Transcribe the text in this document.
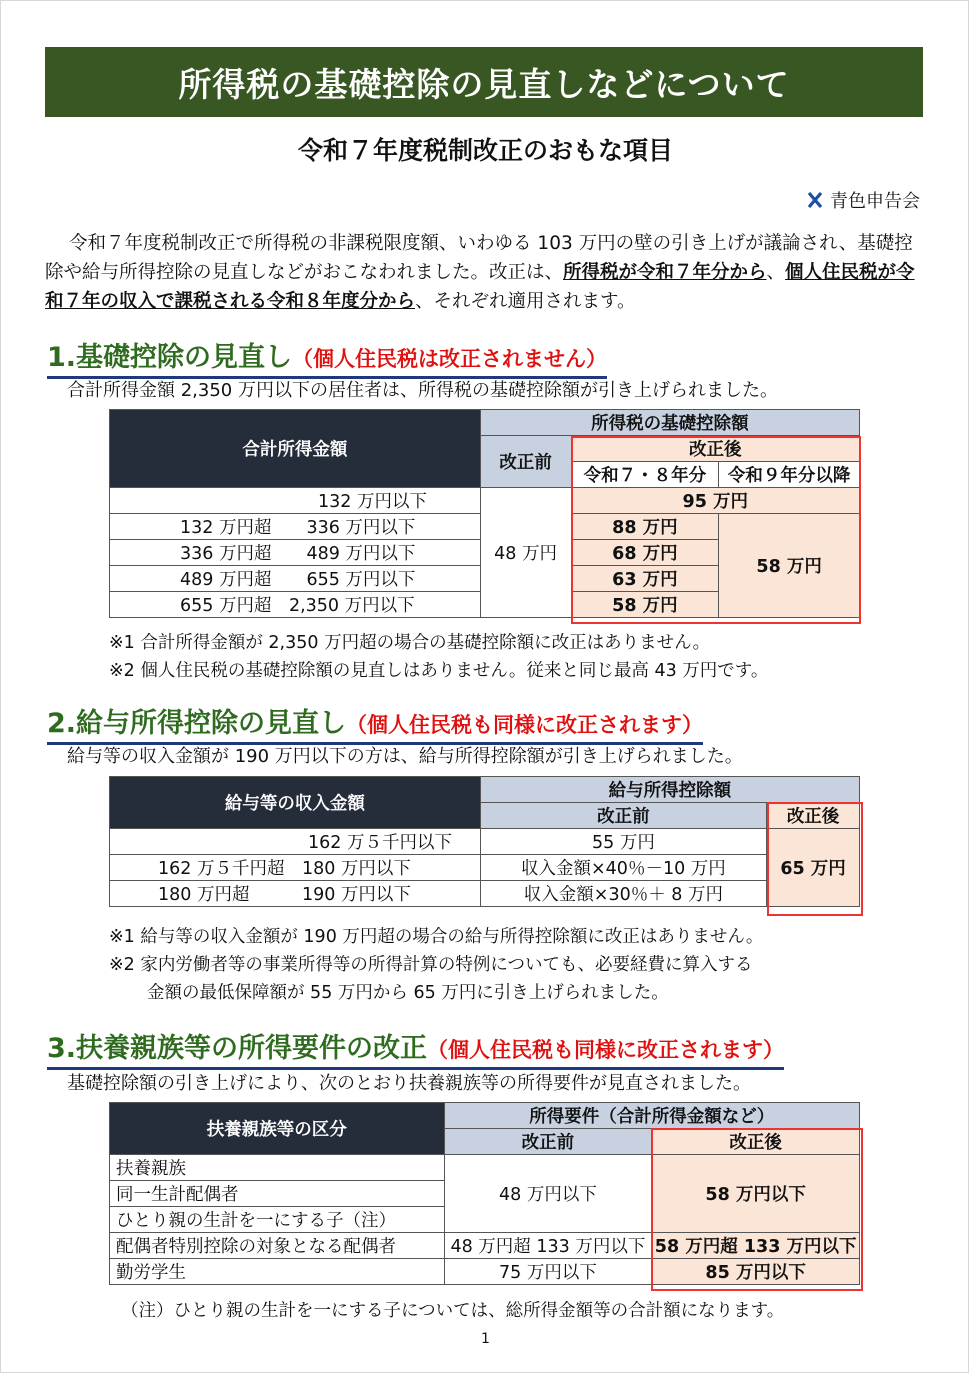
所得税の基礎控除の見直しなどについて
令和７年度税制改正のおもな項目
青色申告会
令和７年度税制改正で所得税の非課税限度額、いわゆる 103 万円の壁の引き上げが議論され、基礎控除や給与所得控除の見直しなどがおこなわれました。改正は、所得税が令和７年分から、個人住民税が令和７年の収入で課税される令和８年度分から、それぞれ適用されます。
1.基礎控除の見直し（個人住民税は改正されません）
合計所得金額 2,350 万円以下の居住者は、所得税の基礎控除額が引き上げられました。
合計所得金額	所得税の基礎控除額		
	改正前	改正後	
		令和７・８年分	令和９年分以降
132 万円以下	48 万円	95 万円	
132 万円超　　336 万円以下		88 万円	58 万円
336 万円超　　489 万円以下		68 万円	
489 万円超　　655 万円以下		63 万円	
655 万円超　2,350 万円以下		58 万円	
※1 合計所得金額が 2,350 万円超の場合の基礎控除額に改正はありません。
※2 個人住民税の基礎控除額の見直しはありません。従来と同じ最高 43 万円です。
2.給与所得控除の見直し（個人住民税も同様に改正されます）
給与等の収入金額が 190 万円以下の方は、給与所得控除額が引き上げられました。
給与等の収入金額	給与所得控除額	
	改正前	改正後
162 万５千円以下	55 万円	65 万円
162 万５千円超　180 万円以下	収入金額×40％－10 万円	
180 万円超　　　190 万円以下	収入金額×30％＋ 8 万円	
※1 給与等の収入金額が 190 万円超の場合の給与所得控除額に改正はありません。
※2 家内労働者等の事業所得等の所得計算の特例についても、必要経費に算入する
金額の最低保障額が 55 万円から 65 万円に引き上げられました。
3.扶養親族等の所得要件の改正（個人住民税も同様に改正されます）
基礎控除額の引き上げにより、次のとおり扶養親族等の所得要件が見直されました。
扶養親族等の区分	所得要件（合計所得金額など）	
	改正前	改正後
扶養親族	48 万円以下	58 万円以下
同一生計配偶者		
ひとり親の生計を一にする子（注）		
配偶者特別控除の対象となる配偶者	48 万円超 133 万円以下	58 万円超 133 万円以下
勤労学生	75 万円以下	85 万円以下
（注）ひとり親の生計を一にする子については、総所得金額等の合計額になります。
1
